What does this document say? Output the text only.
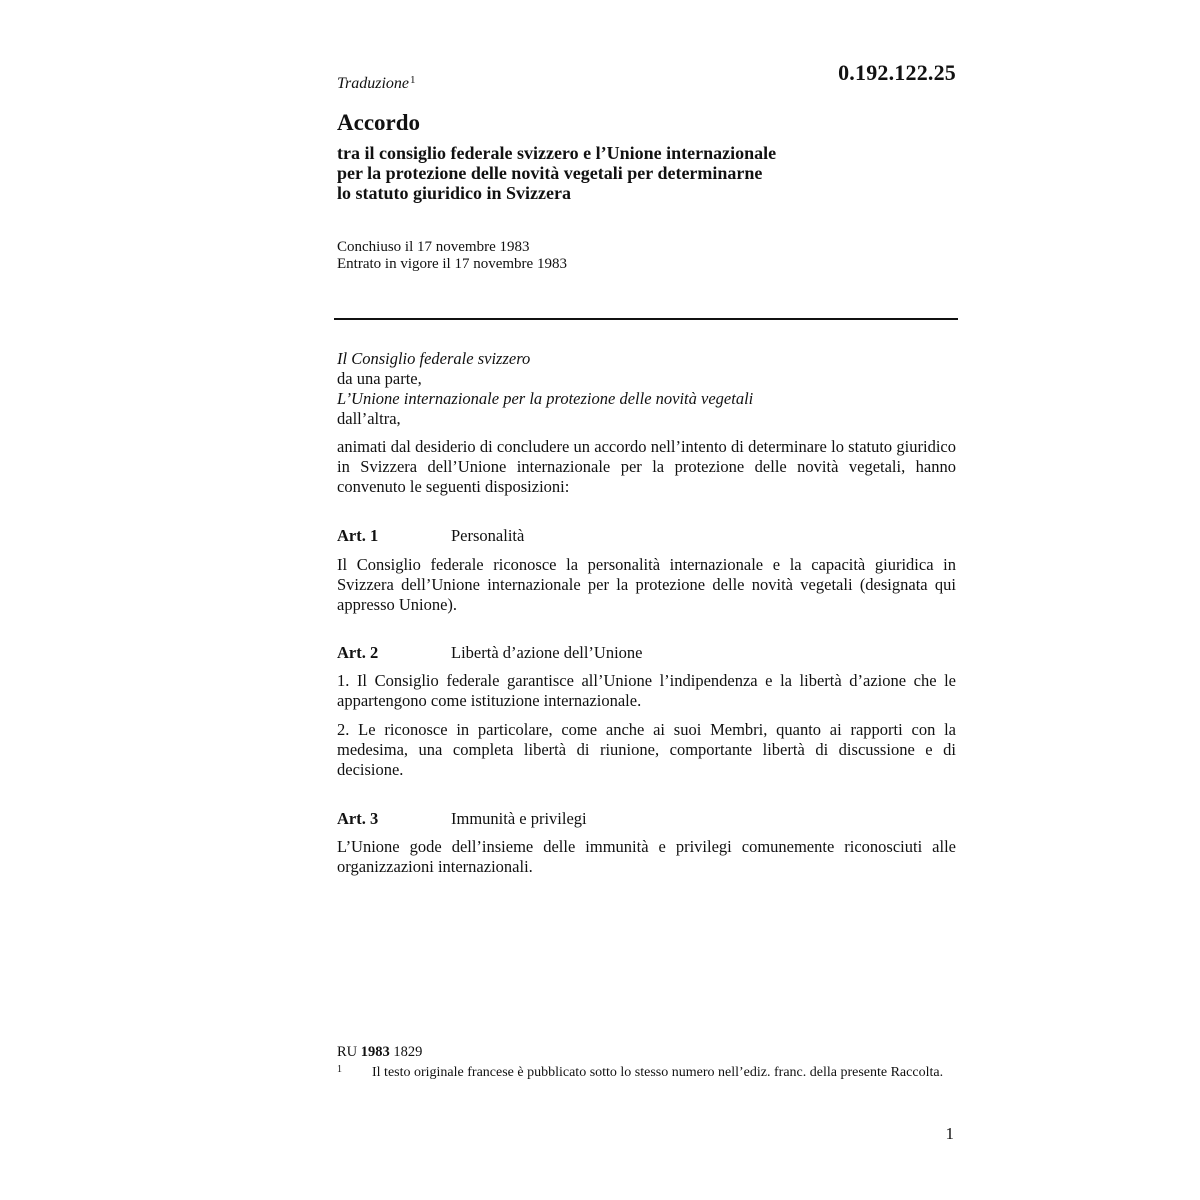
0.192.122.25
Traduzione$^1$
Accordo
tra il consiglio federale svizzero e l’Unione internazionale
per la protezione delle novità vegetali per determinarne
lo statuto giuridico in Svizzera
Conchiuso il 17 novembre 1983
Entrato in vigore il 17 novembre 1983
Il Consiglio federale svizzero
da una parte,
L’Unione internazionale per la protezione delle novità vegetali
dall’altra,
animati dal desiderio di concludere un accordo nell’intento di determinare lo statuto giuridico in Svizzera dell’Unione internazionale per la protezione delle novità vegetali, hanno convenuto le seguenti disposizioni:
Art. 1	Personalità
Il Consiglio federale riconosce la personalità internazionale e la capacità giuridica in Svizzera dell’Unione internazionale per la protezione delle novità vegetali (designata qui appresso Unione).
Art. 2	Libertà d’azione dell’Unione
1. Il Consiglio federale garantisce all’Unione l’indipendenza e la libertà d’azione che le appartengono come istituzione internazionale.
2. Le riconosce in particolare, come anche ai suoi Membri, quanto ai rapporti con la medesima, una completa libertà di riunione, comportante libertà di discussione e di decisione.
Art. 3	Immunità e privilegi
L’Unione gode dell’insieme delle immunità e privilegi comunemente riconosciuti alle organizzazioni internazionali.
RU 1983 1829
1 Il testo originale francese è pubblicato sotto lo stesso numero nell’ediz. franc. della presente Raccolta.
1
